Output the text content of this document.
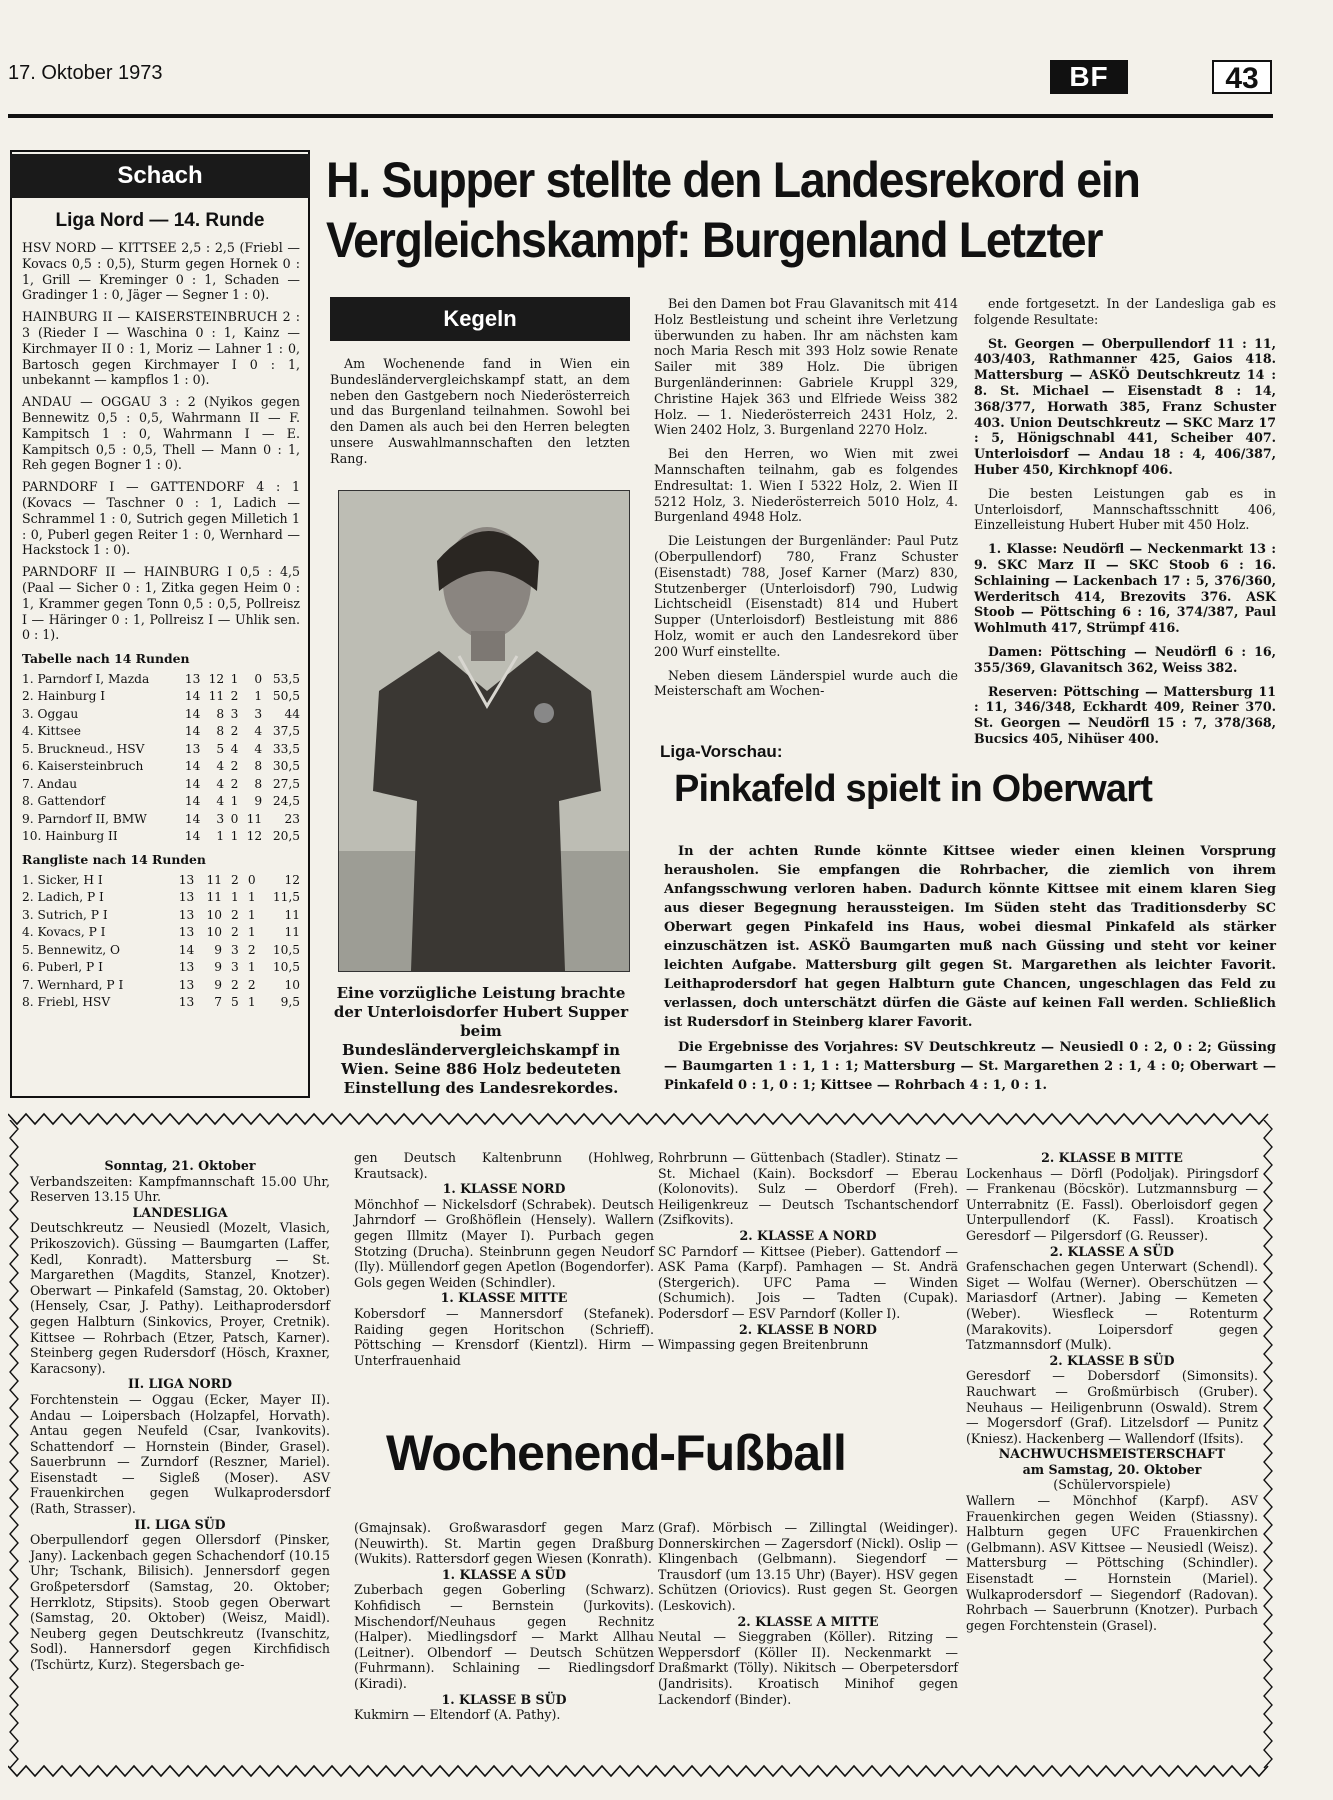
17. Oktober 1973	BF	43
Schach
Liga Nord — 14. Runde

HSV NORD — KITTSEE 2,5 : 2,5 (Friebl — Kovacs 0,5 : 0,5), Sturm gegen Hornek 0 : 1, Grill — Kreminger 0 : 1, Schaden — Gradinger 1 : 0, Jäger — Segner 1 : 0).

HAINBURG II — KAISERSTEINBRUCH 2 : 3 (Rieder I — Waschina 0 : 1, Kainz — Kirchmayer II 0 : 1, Moriz — Lahner 1 : 0, Bartosch gegen Kirchmayer I 0 : 1, unbekannt — kampflos 1 : 0).

ANDAU — OGGAU 3 : 2 (Nyikos gegen Bennewitz 0,5 : 0,5, Wahrmann II — F. Kampitsch 1 : 0, Wahrmann I — E. Kampitsch 0,5 : 0,5, Thell — Mann 0 : 1, Reh gegen Bogner 1 : 0).

PARNDORF I — GATTENDORF 4 : 1 (Kovacs — Taschner 0 : 1, Ladich — Schrammel 1 : 0, Sutrich gegen Milletich 1 : 0, Puberl gegen Reiter 1 : 0, Wernhard — Hackstock 1 : 0).

PARNDORF II — HAINBURG I 0,5 : 4,5 (Paal — Sicher 0 : 1, Zitka gegen Heim 0 : 1, Krammer gegen Tonn 0,5 : 0,5, Pollreisz I — Häringer 0 : 1, Pollreisz I — Uhlik sen. 0 : 1).

Tabelle nach 14 Runden					
1. Parndorf I, Mazda	13	12	1	0	53,5
2. Hainburg I	14	11	2	1	50,5
3. Oggau	14	8	3	3	44
4. Kittsee	14	8	2	4	37,5
5. Bruckneud., HSV	13	5	4	4	33,5
6. Kaisersteinbruch	14	4	2	8	30,5
7. Andau	14	4	2	8	27,5
8. Gattendorf	14	4	1	9	24,5
9. Parndorf II, BMW	14	3	0	11	23
10. Hainburg II	14	1	1	12	20,5
Rangliste nach 14 Runden					
1. Sicker, H I	13	11	2	0	12
2. Ladich, P I	13	11	1	1	11,5
3. Sutrich, P I	13	10	2	1	11
4. Kovacs, P I	13	10	2	1	11
5. Bennewitz, O	14	9	3	2	10,5
6. Puberl, P I	13	9	3	1	10,5
7. Wernhard, P I	13	9	2	2	10
8. Friebl, HSV	13	7	5	1	9,5
H. Supper stellte den Landesrekord ein
Vergleichskampf: Burgenland Letzter
Kegeln

Am Wochenende fand in Wien ein Bundesländervergleichskampf statt, an dem neben den Gastgebern noch Niederösterreich und das Burgenland teilnahmen. Sowohl bei den Damen als auch bei den Herren belegten unsere Auswahlmannschaften den letzten Rang.

Eine vorzügliche Leistung brachte der Unterloisdorfer Hubert Supper beim Bundesländervergleichskampf in Wien. Seine 886 Holz bedeuteten Einstellung des Landesrekordes.

Bei den Damen bot Frau Glavanitsch mit 414 Holz Bestleistung und scheint ihre Verletzung überwunden zu haben. Ihr am nächsten kam noch Maria Resch mit 393 Holz sowie Renate Sailer mit 389 Holz. Die übrigen Burgenländerinnen: Gabriele Kruppl 329, Christine Hajek 363 und Elfriede Weiss 382 Holz. — 1. Niederösterreich 2431 Holz, 2. Wien 2402 Holz, 3. Burgenland 2270 Holz.

Bei den Herren, wo Wien mit zwei Mannschaften teilnahm, gab es folgendes Endresultat: 1. Wien I 5322 Holz, 2. Wien II 5212 Holz, 3. Niederösterreich 5010 Holz, 4. Burgenland 4948 Holz.

Die Leistungen der Burgenländer: Paul Putz (Oberpullendorf) 780, Franz Schuster (Eisenstadt) 788, Josef Karner (Marz) 830, Stutzenberger (Unterloisdorf) 790, Ludwig Lichtscheidl (Eisenstadt) 814 und Hubert Supper (Unterloisdorf) Bestleistung mit 886 Holz, womit er auch den Landesrekord über 200 Wurf einstellte.

Neben diesem Länderspiel wurde auch die Meisterschaft am Wochen-

ende fortgesetzt. In der Landesliga gab es folgende Resultate:

St. Georgen — Oberpullendorf 11 : 11, 403/403, Rathmanner 425, Gaios 418. Mattersburg — ASKÖ Deutschkreutz 14 : 8. St. Michael — Eisenstadt 8 : 14, 368/377, Horwath 385, Franz Schuster 403. Union Deutschkreutz — SKC Marz 17 : 5, Hönigschnabl 441, Scheiber 407. Unterloisdorf — Andau 18 : 4, 406/387, Huber 450, Kirchknopf 406.

Die besten Leistungen gab es in Unterloisdorf, Mannschaftsschnitt 406, Einzelleistung Hubert Huber mit 450 Holz.

1. Klasse: Neudörfl — Neckenmarkt 13 : 9. SKC Marz II — SKC Stoob 6 : 16. Schlaining — Lackenbach 17 : 5, 376/360, Werderitsch 414, Brezovits 376. ASK Stoob — Pöttsching 6 : 16, 374/387, Paul Wohlmuth 417, Strümpf 416.

Damen: Pöttsching — Neudörfl 6 : 16, 355/369, Glavanitsch 362, Weiss 382.

Reserven: Pöttsching — Mattersburg 11 : 11, 346/348, Eckhardt 409, Reiner 370. St. Georgen — Neudörfl 15 : 7, 378/368, Bucsics 405, Nihüser 400.

Liga-Vorschau:
Pinkafeld spielt in Oberwart
In der achten Runde könnte Kittsee wieder einen kleinen Vorsprung herausholen. Sie empfangen die Rohrbacher, die ziemlich von ihrem Anfangsschwung verloren haben. Dadurch könnte Kittsee mit einem klaren Sieg aus dieser Begegnung heraussteigen. Im Süden steht das Traditionsderby SC Oberwart gegen Pinkafeld ins Haus, wobei diesmal Pinkafeld als stärker einzuschätzen ist. ASKÖ Baumgarten muß nach Güssing und steht vor keiner leichten Aufgabe. Mattersburg gilt gegen St. Margarethen als leichter Favorit. Leithaprodersdorf hat gegen Halbturn gute Chancen, ungeschlagen das Feld zu verlassen, doch unterschätzt dürfen die Gäste auf keinen Fall werden. Schließlich ist Rudersdorf in Steinberg klarer Favorit.
Die Ergebnisse des Vorjahres: SV Deutschkreutz — Neusiedl 0 : 2, 0 : 2; Güssing — Baumgarten 1 : 1, 1 : 1; Mattersburg — St. Margarethen 2 : 1, 4 : 0; Oberwart — Pinkafeld 0 : 1, 0 : 1; Kittsee — Rohrbach 4 : 1, 0 : 1.

Sonntag, 21. Oktober

Verbandszeiten: Kampfmannschaft 15.00 Uhr, Reserven 13.15 Uhr.

LANDESLIGA

Deutschkreutz — Neusiedl (Mozelt, Vlasich, Prikoszovich). Güssing — Baumgarten (Laffer, Kedl, Konradt). Mattersburg — St. Margarethen (Magdits, Stanzel, Knotzer). Oberwart — Pinkafeld (Samstag, 20. Oktober) (Hensely, Csar, J. Pathy). Leithaprodersdorf gegen Halbturn (Sinkovics, Proyer, Cretnik). Kittsee — Rohrbach (Etzer, Patsch, Karner). Steinberg gegen Rudersdorf (Hösch, Kraxner, Karacsony).

II. LIGA NORD

Forchtenstein — Oggau (Ecker, Mayer II). Andau — Loipersbach (Holzapfel, Horvath). Antau gegen Neufeld (Csar, Ivankovits). Schattendorf — Hornstein (Binder, Grasel). Sauerbrunn — Zurndorf (Reszner, Mariel). Eisenstadt — Sigleß (Moser). ASV Frauenkirchen gegen Wulkaprodersdorf (Rath, Strasser).

II. LIGA SÜD

Oberpullendorf gegen Ollersdorf (Pinsker, Jany). Lackenbach gegen Schachendorf (10.15 Uhr; Tschank, Bilisich). Jennersdorf gegen Großpetersdorf (Samstag, 20. Oktober; Herrklotz, Stipsits). Stoob gegen Oberwart (Samstag, 20. Oktober) (Weisz, Maidl). Neuberg gegen Deutschkreutz (Ivanschitz, Sodl). Hannersdorf gegen Kirchfidisch (Tschürtz, Kurz). Stegersbach ge-

gen Deutsch Kaltenbrunn (Hohlweg, Krautsack).

1. KLASSE NORD

Mönchhof — Nickelsdorf (Schrabek). Deutsch Jahrndorf — Großhöflein (Hensely). Wallern gegen Illmitz (Mayer I). Purbach gegen Stotzing (Drucha). Steinbrunn gegen Neudorf (Ily). Müllendorf gegen Apetlon (Bogendorfer). Gols gegen Weiden (Schindler).

1. KLASSE MITTE

Kobersdorf — Mannersdorf (Stefanek). Raiding gegen Horitschon (Schrieff). Pöttsching — Krensdorf (Kientzl). Hirm — Unterfrauenhaid

Rohrbrunn — Güttenbach (Stadler). Stinatz — St. Michael (Kain). Bocksdorf — Eberau (Kolonovits). Sulz — Oberdorf (Freh). Heiligenkreuz — Deutsch Tschantschendorf (Zsifkovits).

2. KLASSE A NORD

SC Parndorf — Kittsee (Pieber). Gattendorf — ASK Pama (Karpf). Pamhagen — St. Andrä (Stergerich). UFC Pama — Winden (Schumich). Jois — Tadten (Cupak). Podersdorf — ESV Parndorf (Koller I).

2. KLASSE B NORD

Wimpassing gegen Breitenbrunn

Wochenend-Fußball

(Gmajnsak). Großwarasdorf gegen Marz (Neuwirth). St. Martin gegen Draßburg (Wukits). Rattersdorf gegen Wiesen (Konrath).

1. KLASSE A SÜD

Zuberbach gegen Goberling (Schwarz). Kohfidisch — Bernstein (Jurkovits). Mischendorf/Neuhaus gegen Rechnitz (Halper). Miedlingsdorf — Markt Allhau (Leitner). Olbendorf — Deutsch Schützen (Fuhrmann). Schlaining — Riedlingsdorf (Kiradi).

1. KLASSE B SÜD

Kukmirn — Eltendorf (A. Pathy).

(Graf). Mörbisch — Zillingtal (Weidinger). Donnerskirchen — Zagersdorf (Nickl). Oslip — Klingenbach (Gelbmann). Siegendorf — Trausdorf (um 13.15 Uhr) (Bayer). HSV gegen Schützen (Oriovics). Rust gegen St. Georgen (Leskovich).

2. KLASSE A MITTE

Neutal — Sieggraben (Köller). Ritzing — Weppersdorf (Köller II). Neckenmarkt — Draßmarkt (Tölly). Nikitsch — Oberpetersdorf (Jandrisits). Kroatisch Minihof gegen Lackendorf (Binder).

2. KLASSE B MITTE

Lockenhaus — Dörfl (Podoljak). Piringsdorf — Frankenau (Böcskör). Lutzmannsburg — Unterrabnitz (E. Fassl). Oberloisdorf gegen Unterpullendorf (K. Fassl). Kroatisch Geresdorf — Pilgersdorf (G. Reusser).

2. KLASSE A SÜD

Grafenschachen gegen Unterwart (Schendl). Siget — Wolfau (Werner). Oberschützen — Mariasdorf (Artner). Jabing — Kemeten (Weber). Wiesfleck — Rotenturm (Marakovits). Loipersdorf gegen Tatzmannsdorf (Mulk).

2. KLASSE B SÜD

Geresdorf — Dobersdorf (Simonsits). Rauchwart — Großmürbisch (Gruber). Neuhaus — Heiligenbrunn (Oswald). Strem — Mogersdorf (Graf). Litzelsdorf — Punitz (Kniesz). Hackenberg — Wallendorf (Ifsits).

NACHWUCHSMEISTERSCHAFT

am Samstag, 20. Oktober

(Schülervorspiele)

Wallern — Mönchhof (Karpf). ASV Frauenkirchen gegen Weiden (Stiassny). Halbturn gegen UFC Frauenkirchen (Gelbmann). ASV Kittsee — Neusiedl (Weisz). Mattersburg — Pöttsching (Schindler). Eisenstadt — Hornstein (Mariel). Wulkaprodersdorf — Siegendorf (Radovan). Rohrbach — Sauerbrunn (Knotzer). Purbach gegen Forchtenstein (Grasel).
